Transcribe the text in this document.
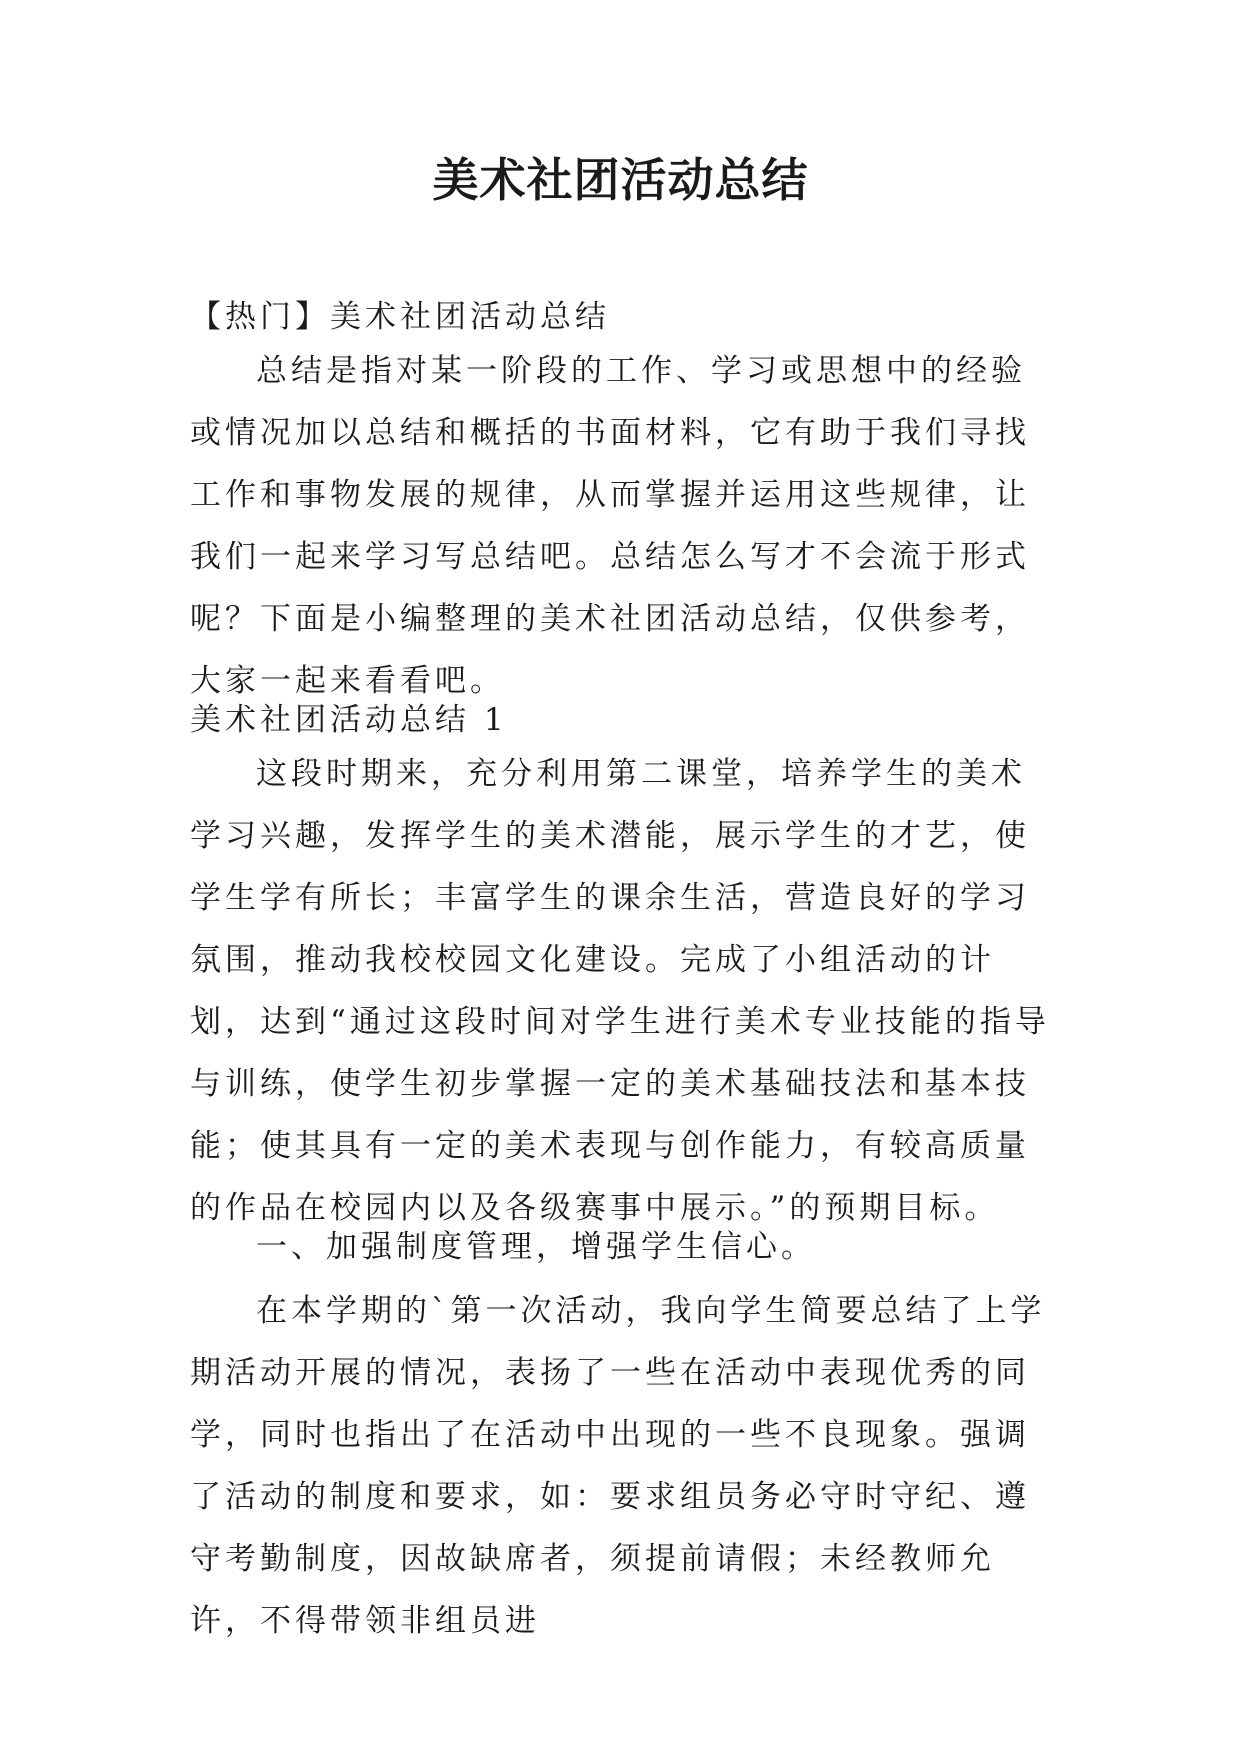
美术社团活动总结

【热门】美术社团活动总结

总结是指对某一阶段的工作、学习或思想中的经验或情况加以总结和概括的书面材料，它有助于我们寻找工作和事物发展的规律，从而掌握并运用这些规律，让我们一起来学习写总结吧。总结怎么写才不会流于形式呢？下面是小编整理的美术社团活动总结，仅供参考，大家一起来看看吧。

美术社团活动总结 1

这段时期来，充分利用第二课堂，培养学生的美术学习兴趣，发挥学生的美术潜能，展示学生的才艺，使学生学有所长；丰富学生的课余生活，营造良好的学习氛围，推动我校校园文化建设。完成了小组活动的计划，达到“通过这段时间对学生进行美术专业技能的指导与训练，使学生初步掌握一定的美术基础技法和基本技能；使其具有一定的美术表现与创作能力，有较高质量的作品在校园内以及各级赛事中展示。”的预期目标。

一、加强制度管理，增强学生信心。

在本学期的`第一次活动，我向学生简要总结了上学期活动开展的情况，表扬了一些在活动中表现优秀的同学，同时也指出了在活动中出现的一些不良现象。强调了活动的制度和要求，如：要求组员务必守时守纪、遵守考勤制度，因故缺席者，须提前请假；未经教师允许，不得带领非组员进
